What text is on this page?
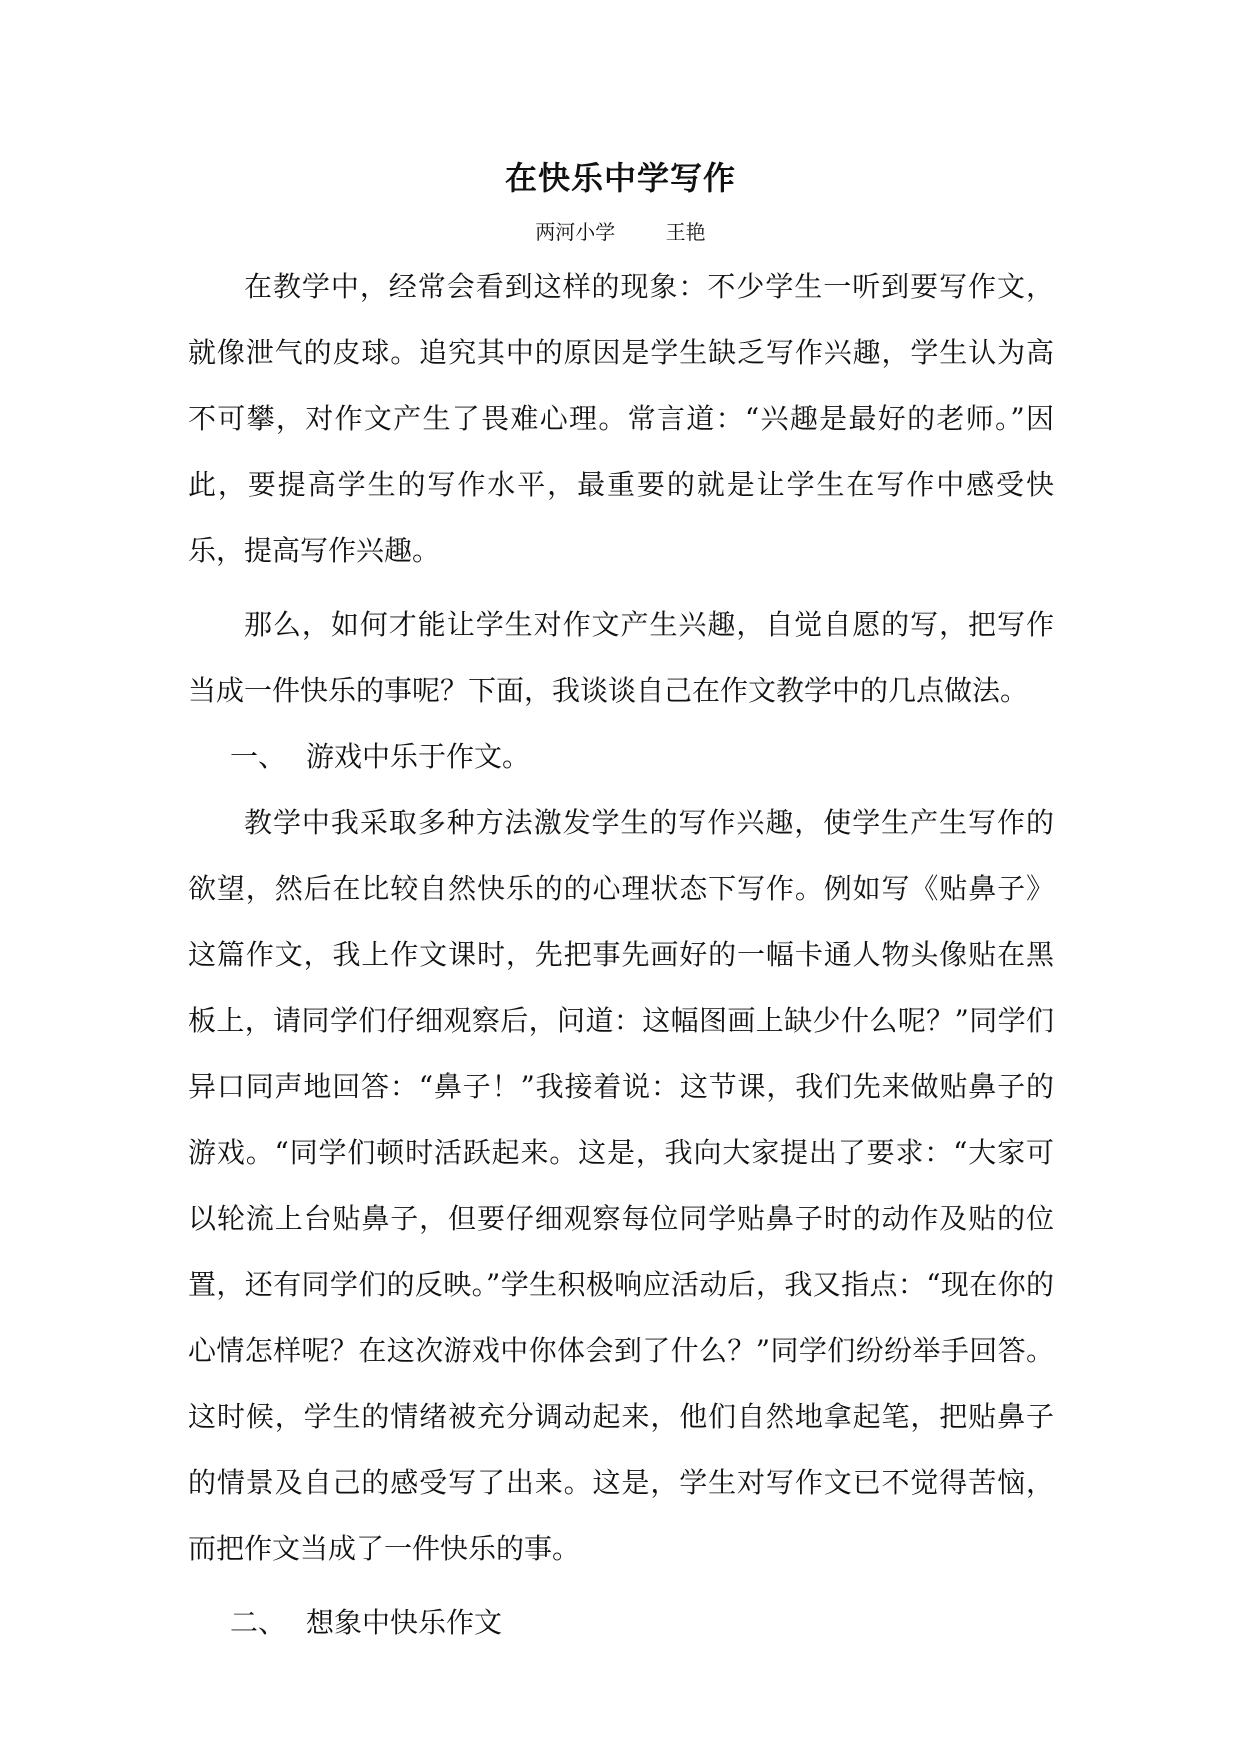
在快乐中学写作
两河小学	王艳

在教学中，经常会看到这样的现象：不少学生一听到要写作文，就像泄气的皮球。追究其中的原因是学生缺乏写作兴趣，学生认为高不可攀，对作文产生了畏难心理。常言道：“兴趣是最好的老师。”因此，要提高学生的写作水平，最重要的就是让学生在写作中感受快乐，提高写作兴趣。

那么，如何才能让学生对作文产生兴趣，自觉自愿的写，把写作当成一件快乐的事呢？下面，我谈谈自己在作文教学中的几点做法。

一、 游戏中乐于作文。

教学中我采取多种方法激发学生的写作兴趣，使学生产生写作的欲望，然后在比较自然快乐的的心理状态下写作。例如写《贴鼻子》这篇作文，我上作文课时，先把事先画好的一幅卡通人物头像贴在黑板上，请同学们仔细观察后，问道：这幅图画上缺少什么呢？”同学们异口同声地回答：“鼻子！”我接着说：这节课，我们先来做贴鼻子的游戏。“同学们顿时活跃起来。这是，我向大家提出了要求：“大家可以轮流上台贴鼻子，但要仔细观察每位同学贴鼻子时的动作及贴的位置，还有同学们的反映。”学生积极响应活动后，我又指点：“现在你的心情怎样呢？在这次游戏中你体会到了什么？”同学们纷纷举手回答。这时候，学生的情绪被充分调动起来，他们自然地拿起笔，把贴鼻子的情景及自己的感受写了出来。这是，学生对写作文已不觉得苦恼，而把作文当成了一件快乐的事。

二、 想象中快乐作文
